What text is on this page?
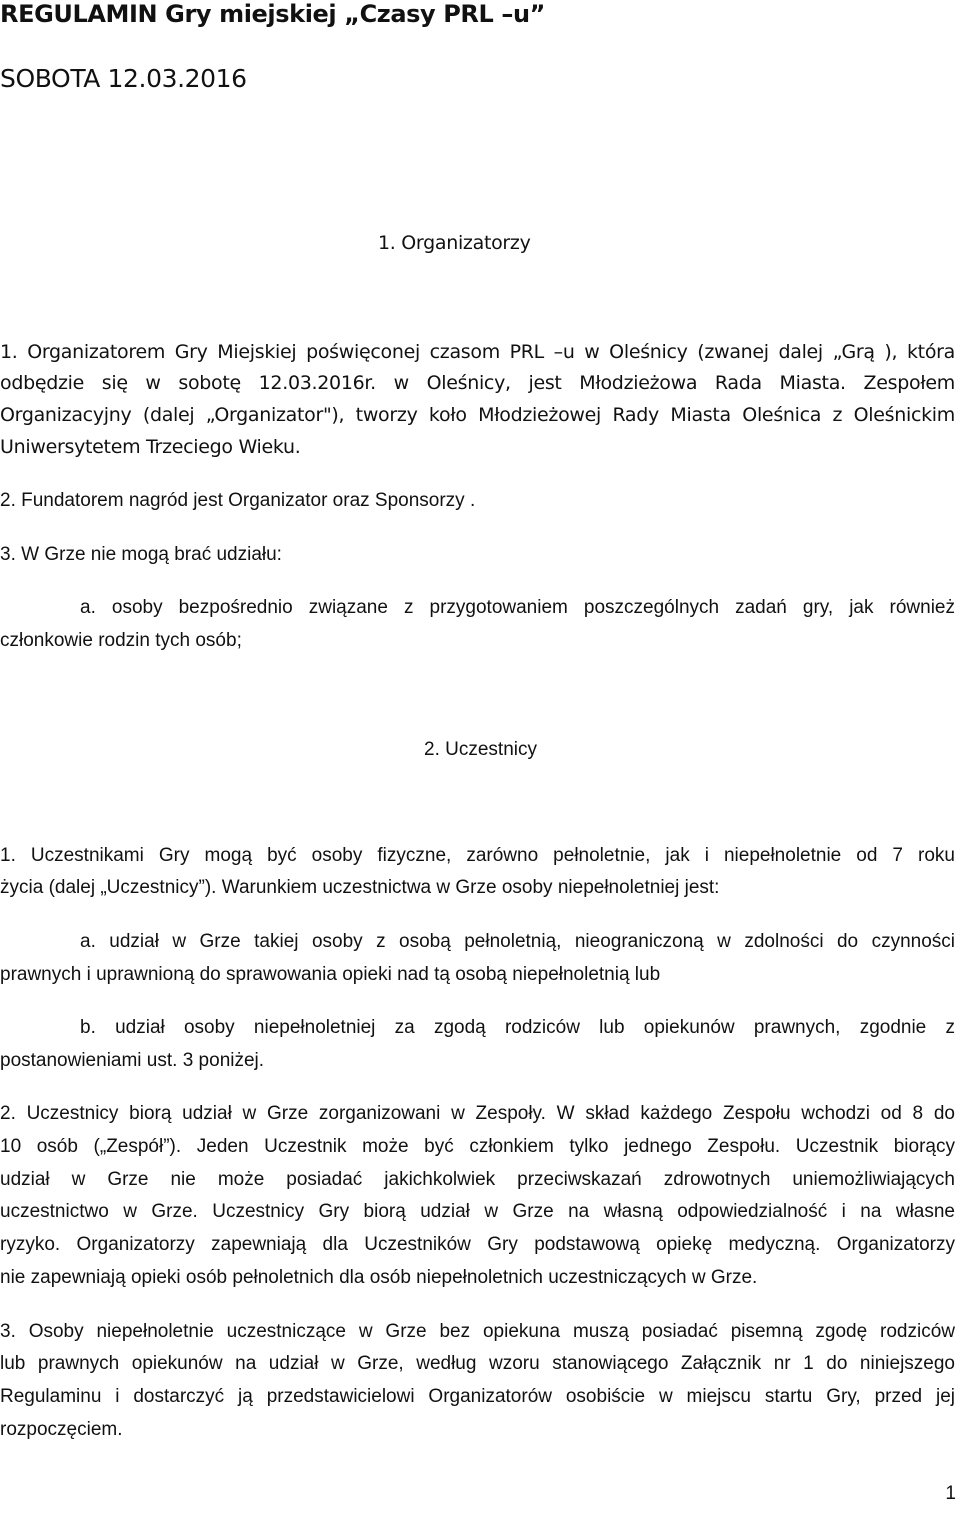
REGULAMIN Gry miejskiej „Czasy PRL –u”
SOBOTA 12.03.2016
1. Organizatorzy
1. Organizatorem Gry Miejskiej poświęconej czasom PRL –u w Oleśnicy (zwanej dalej „Grą ), która
odbędzie się w sobotę 12.03.2016r. w Oleśnicy, jest Młodzieżowa Rada Miasta. Zespołem
Organizacyjny (dalej „Organizator"), tworzy koło Młodzieżowej Rady Miasta Oleśnica z Oleśnickim
Uniwersytetem Trzeciego Wieku.
2. Fundatorem nagród jest Organizator oraz Sponsorzy .
3. W Grze nie mogą brać udziału:
a. osoby bezpośrednio związane z przygotowaniem poszczególnych zadań gry, jak również
członkowie rodzin tych osób;
2. Uczestnicy
1. Uczestnikami Gry mogą być osoby fizyczne, zarówno pełnoletnie, jak i niepełnoletnie od 7 roku
życia (dalej „Uczestnicy”). Warunkiem uczestnictwa w Grze osoby niepełnoletniej jest:
a. udział w Grze takiej osoby z osobą pełnoletnią, nieograniczoną w zdolności do czynności
prawnych i uprawnioną do sprawowania opieki nad tą osobą niepełnoletnią lub
b. udział osoby niepełnoletniej za zgodą rodziców lub opiekunów prawnych, zgodnie z
postanowieniami ust. 3 poniżej.
2. Uczestnicy biorą udział w Grze zorganizowani w Zespoły. W skład każdego Zespołu wchodzi od 8 do
10 osób („Zespół”). Jeden Uczestnik może być członkiem tylko jednego Zespołu. Uczestnik biorący
udział w Grze nie może posiadać jakichkolwiek przeciwskazań zdrowotnych uniemożliwiających
uczestnictwo w Grze. Uczestnicy Gry biorą udział w Grze na własną odpowiedzialność i na własne
ryzyko. Organizatorzy zapewniają dla Uczestników Gry podstawową opiekę medyczną. Organizatorzy
nie zapewniają opieki osób pełnoletnich dla osób niepełnoletnich uczestniczących w Grze.
3. Osoby niepełnoletnie uczestniczące w Grze bez opiekuna muszą posiadać pisemną zgodę rodziców
lub prawnych opiekunów na udział w Grze, według wzoru stanowiącego Załącznik nr 1 do niniejszego
Regulaminu i dostarczyć ją przedstawicielowi Organizatorów osobiście w miejscu startu Gry, przed jej
rozpoczęciem.
1
